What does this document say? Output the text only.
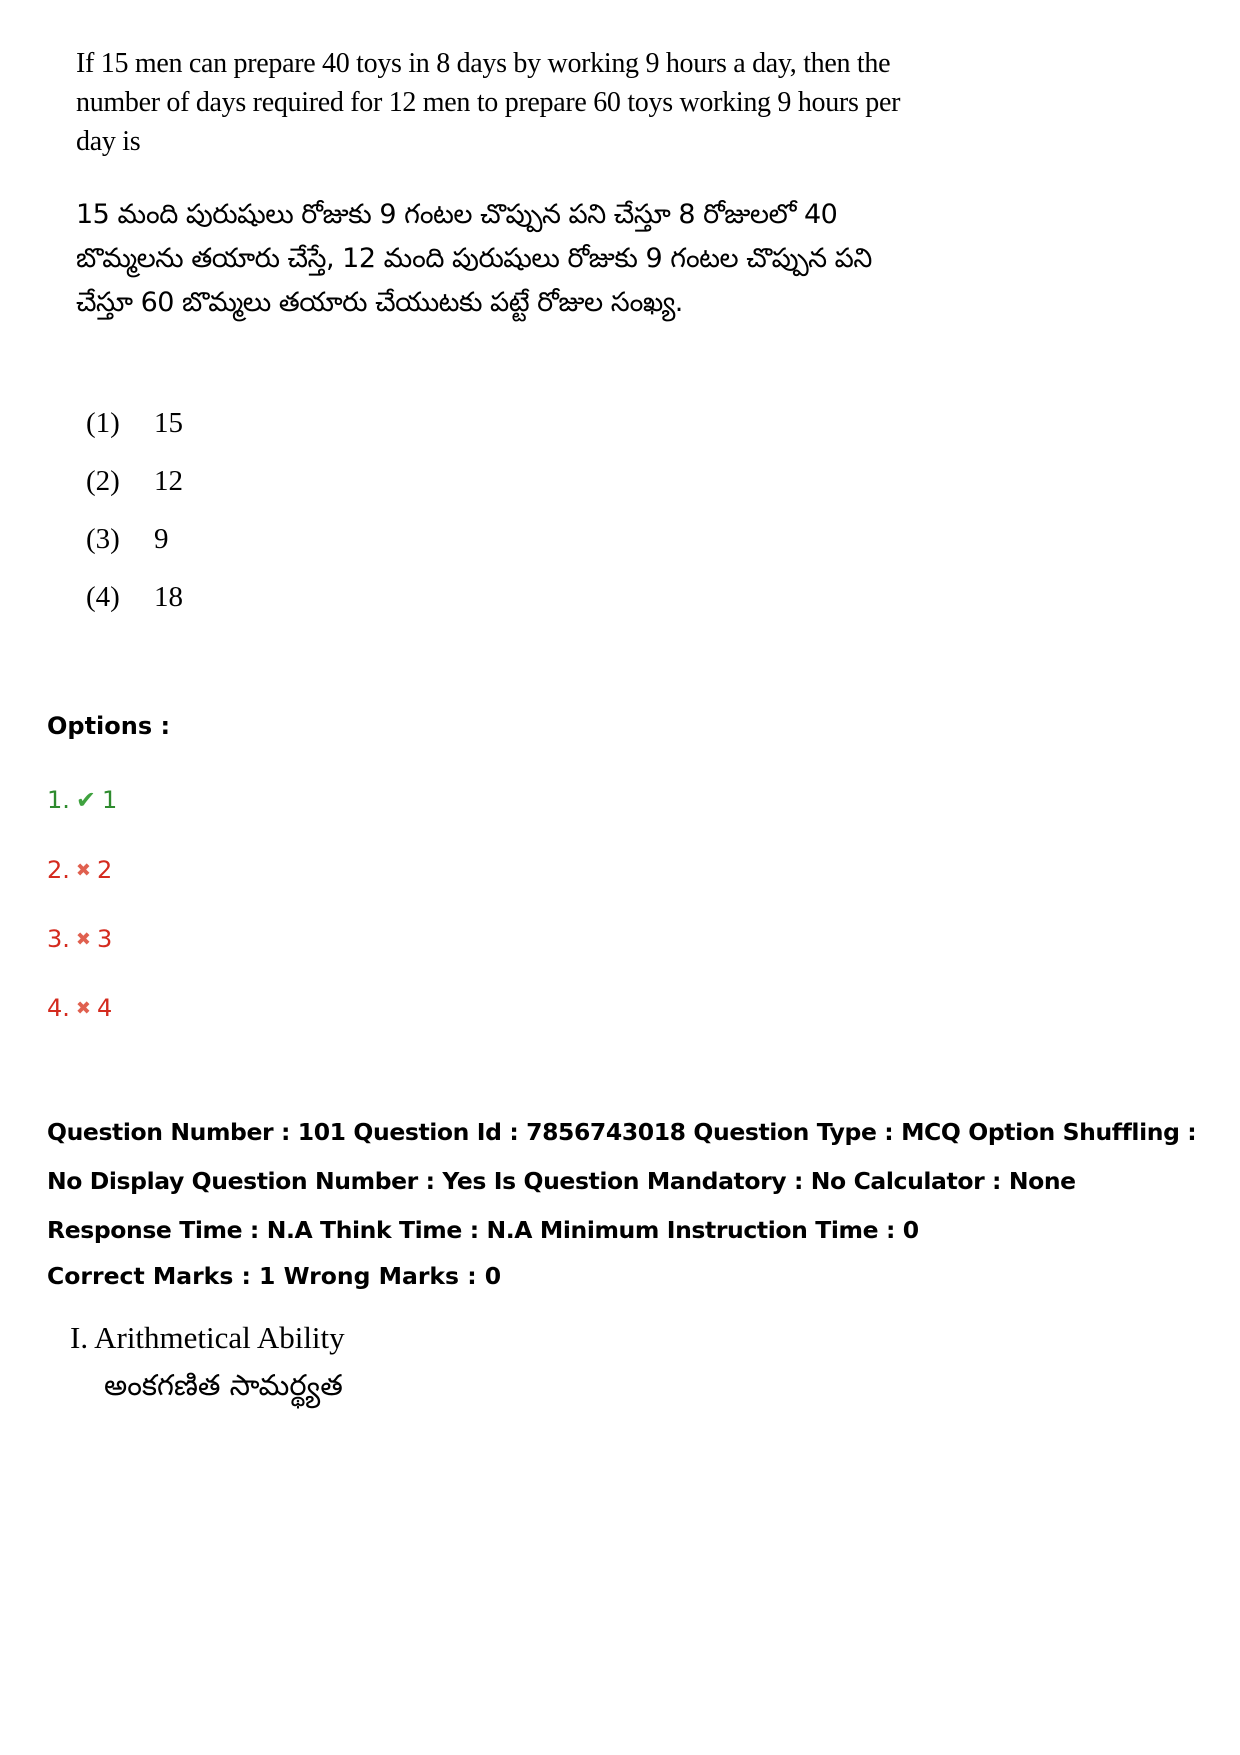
If 15 men can prepare 40 toys in 8 days by working 9 hours a day, then the number of days required for 12 men to prepare 60 toys working 9 hours per day is

15 మంది పురుషులు రోజుకు 9 గంటల చొప్పున పని చేస్తూ 8 రోజులలో 40 బొమ్మలను తయారు చేస్తే, 12 మంది పురుషులు రోజుకు 9 గంటల చొప్పున పని చేస్తూ 60 బొమ్మలు తయారు చేయుటకు పట్టే రోజుల సంఖ్య.

(1)	15
(2)	12
(3)	9
(4)	18

Options :

1. ✔ 1
2. ✖ 2
3. ✖ 3
4. ✖ 4

Question Number : 101 Question Id : 7856743018 Question Type : MCQ Option Shuffling : No Display Question Number : Yes Is Question Mandatory : No Calculator : None Response Time : N.A Think Time : N.A Minimum Instruction Time : 0

Correct Marks : 1 Wrong Marks : 0

I. Arithmetical Ability

అంకగణిత సామర్థ్యత
